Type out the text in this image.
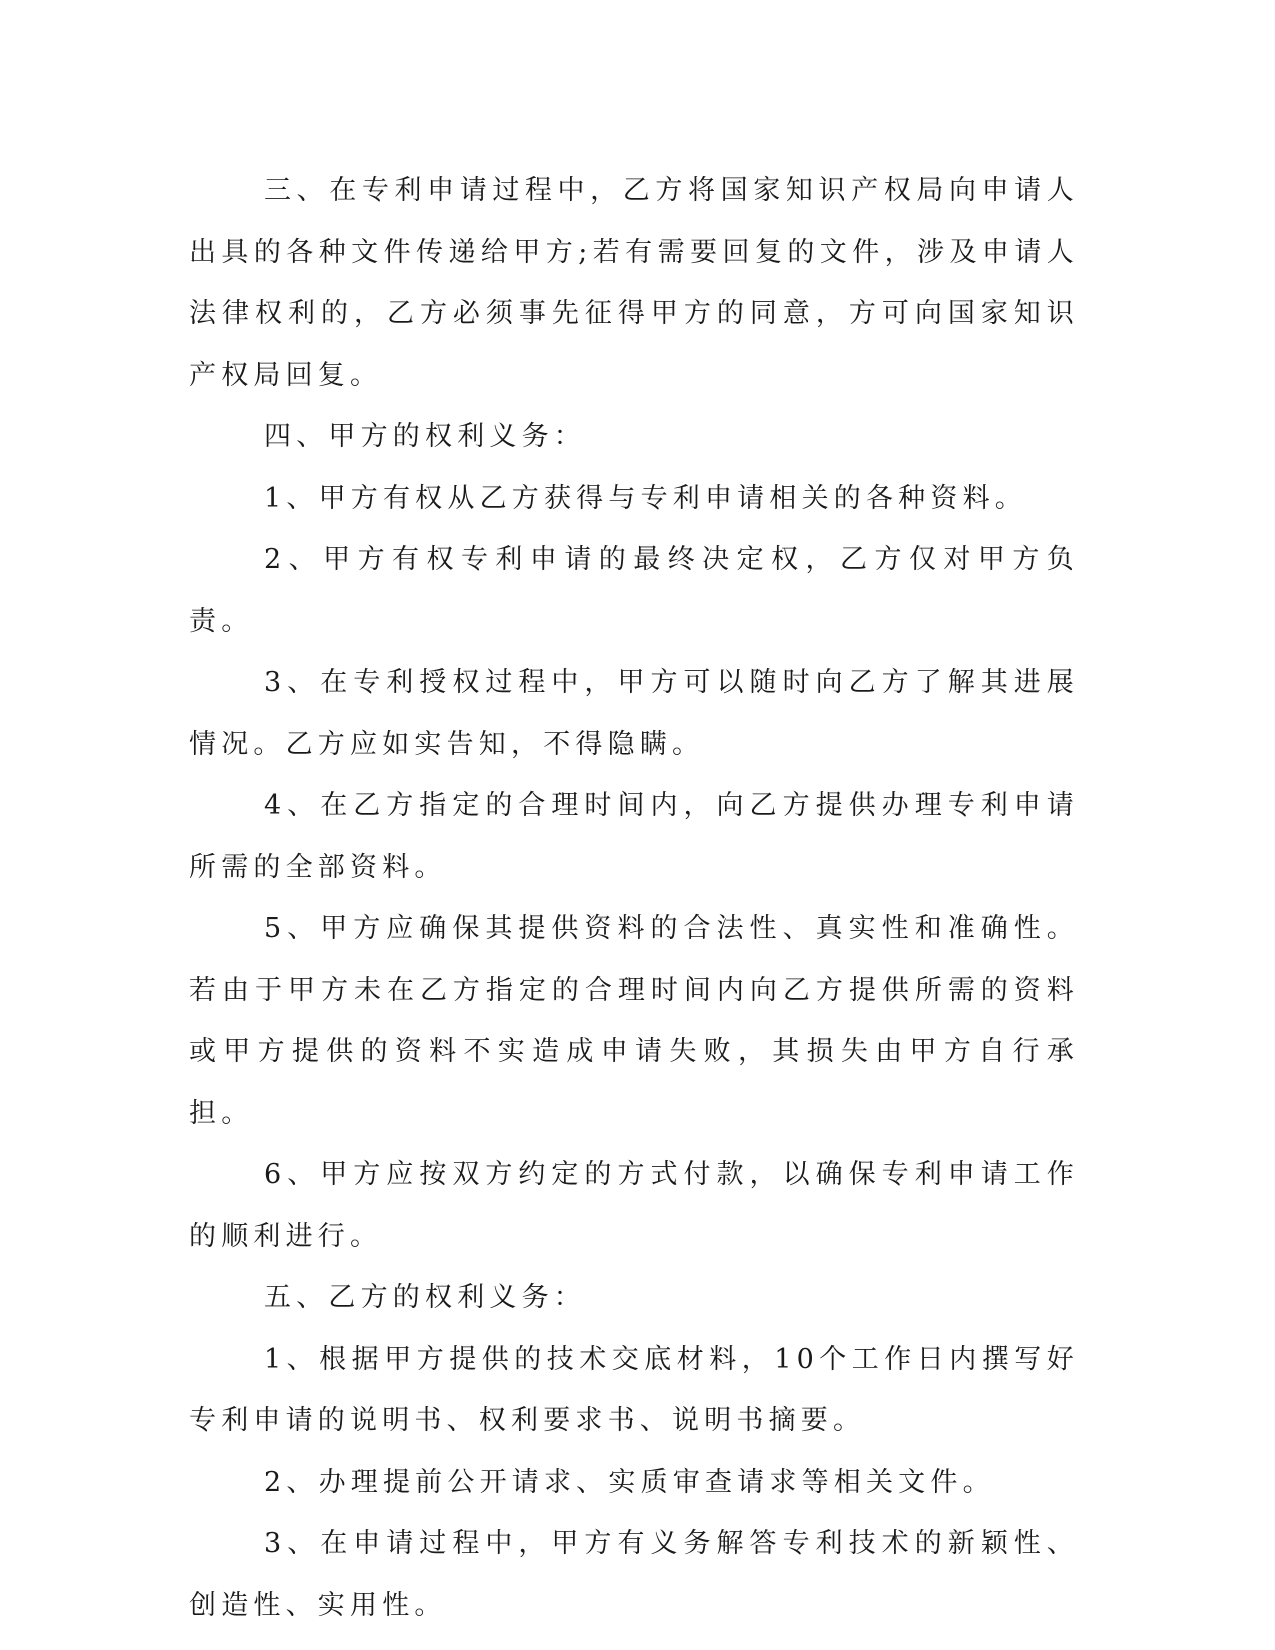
三、在专利申请过程中，乙方将国家知识产权局向申请人出具的各种文件传递给甲方;若有需要回复的文件，涉及申请人法律权利的，乙方必须事先征得甲方的同意，方可向国家知识产权局回复。

四、甲方的权利义务：

1、甲方有权从乙方获得与专利申请相关的各种资料。

2、甲方有权专利申请的最终决定权，乙方仅对甲方负责。

3、在专利授权过程中，甲方可以随时向乙方了解其进展情况。乙方应如实告知，不得隐瞒。

4、在乙方指定的合理时间内，向乙方提供办理专利申请所需的全部资料。

5、甲方应确保其提供资料的合法性、真实性和准确性。若由于甲方未在乙方指定的合理时间内向乙方提供所需的资料或甲方提供的资料不实造成申请失败，其损失由甲方自行承担。

6、甲方应按双方约定的方式付款，以确保专利申请工作的顺利进行。

五、乙方的权利义务：

1、根据甲方提供的技术交底材料，10个工作日内撰写好专利申请的说明书、权利要求书、说明书摘要。

2、办理提前公开请求、实质审查请求等相关文件。

3、在申请过程中，甲方有义务解答专利技术的新颖性、创造性、实用性。
